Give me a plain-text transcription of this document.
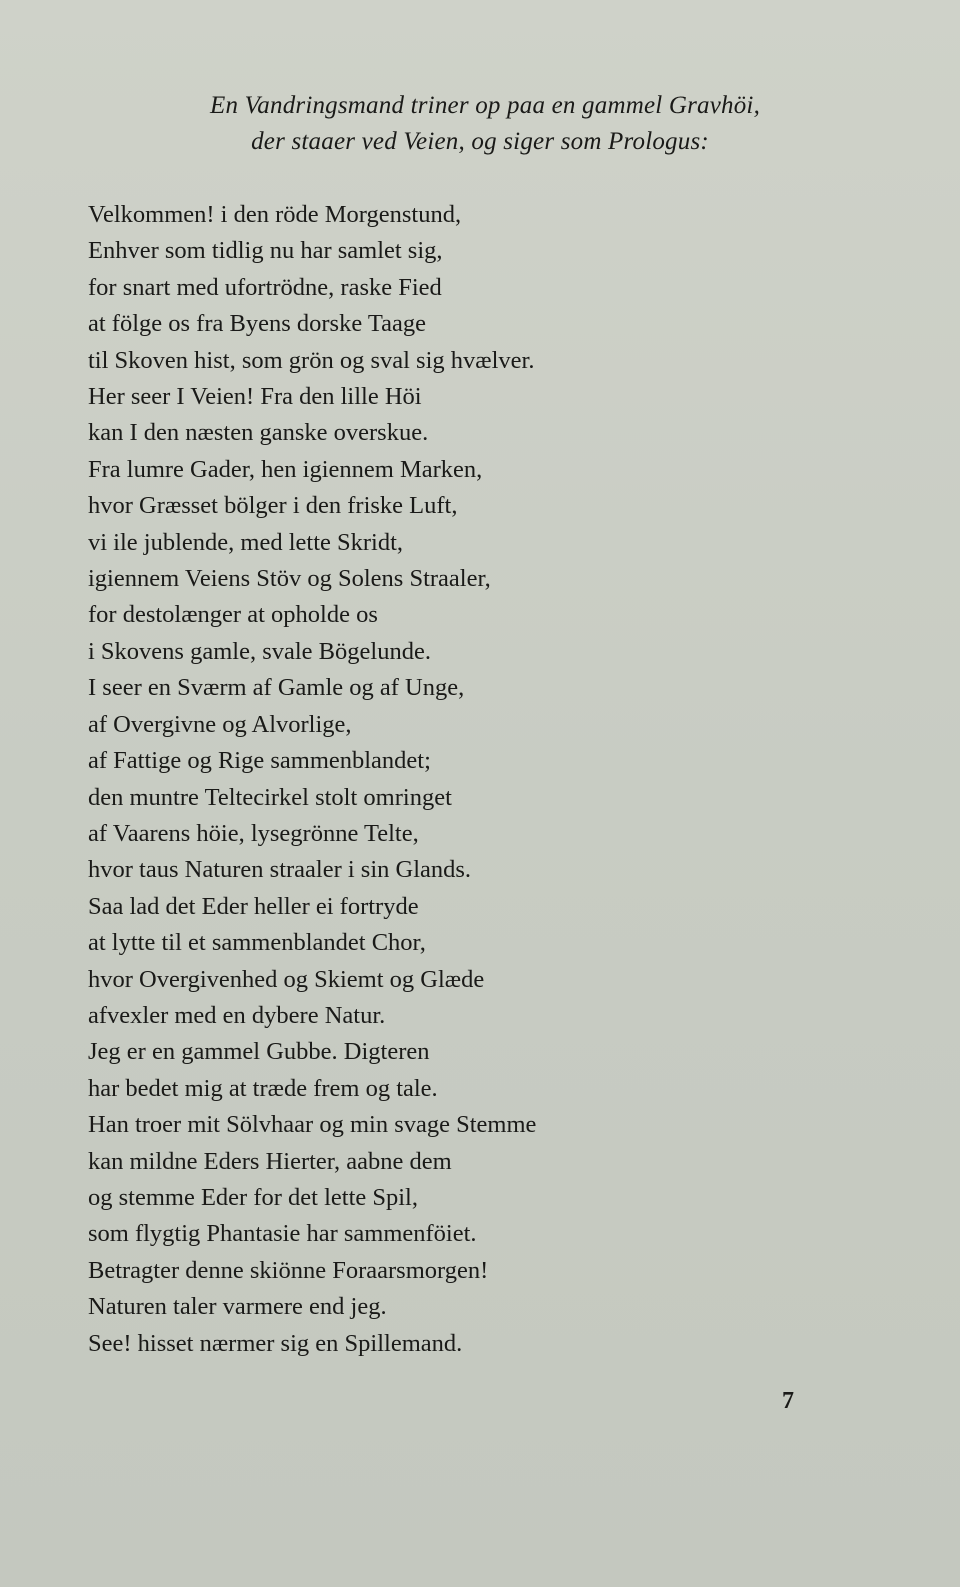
En Vandringsmand triner op paa en gammel Gravhöi,
der staaer ved Veien, og siger som Prologus:
Velkommen! i den röde Morgenstund,
Enhver som tidlig nu har samlet sig,
for snart med ufortrödne, raske Fied
at fölge os fra Byens dorske Taage
til Skoven hist, som grön og sval sig hvælver.
Her seer I Veien! Fra den lille Höi
kan I den næsten ganske overskue.
Fra lumre Gader, hen igiennem Marken,
hvor Græsset bölger i den friske Luft,
vi ile jublende, med lette Skridt,
igiennem Veiens Stöv og Solens Straaler,
for destolænger at opholde os
i Skovens gamle, svale Bögelunde.
I seer en Sværm af Gamle og af Unge,
af Overgivne og Alvorlige,
af Fattige og Rige sammenblandet;
den muntre Teltecirkel stolt omringet
af Vaarens höie, lysegrönne Telte,
hvor taus Naturen straaler i sin Glands.
Saa lad det Eder heller ei fortryde
at lytte til et sammenblandet Chor,
hvor Overgivenhed og Skiemt og Glæde
afvexler med en dybere Natur.
Jeg er en gammel Gubbe. Digteren
har bedet mig at træde frem og tale.
Han troer mit Sölvhaar og min svage Stemme
kan mildne Eders Hierter, aabne dem
og stemme Eder for det lette Spil,
som flygtig Phantasie har sammenföiet.
Betragter denne skiönne Foraarsmorgen!
Naturen taler varmere end jeg.
See! hisset nærmer sig en Spillemand.
7
